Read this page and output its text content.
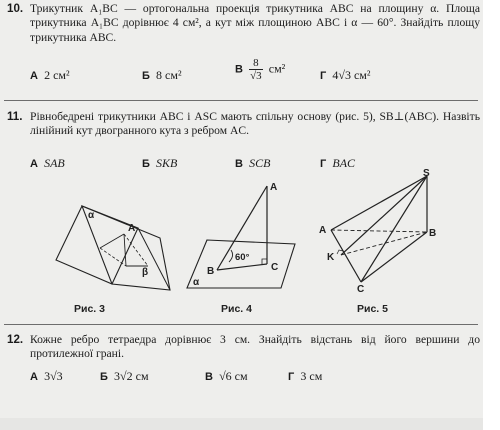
10. Трикутник A₁BC — ортогональна проекція трикутника ABC на площину α. Площа трикутника A₁BC дорівнює 4 см², а кут між площиною ABC і α — 60°. Знайдіть площу трикутника ABC.

А 2 см²	Б 8 см²	В $\frac{8}{√3} см^2$
Г 4√3 см²
11. Рівнобедрені трикутники ABC і ASC мають спільну основу (рис. 5), SB⊥(ABC). Назвіть лінійний кут двогранного кута з ребром AC.

А SAB	Б SKB	В SCB	Г BAC
α
A
β
Рис. 3
A
B	C
60°
α
Рис. 4
S
A	B
K
C
Рис. 5
12. Кожне ребро тетраедра дорівнює 3 см. Знайдіть відстань від його вершини до протилежної грані.

А 3√3	Б 3√2 см	В √6 см	Г 3 см
